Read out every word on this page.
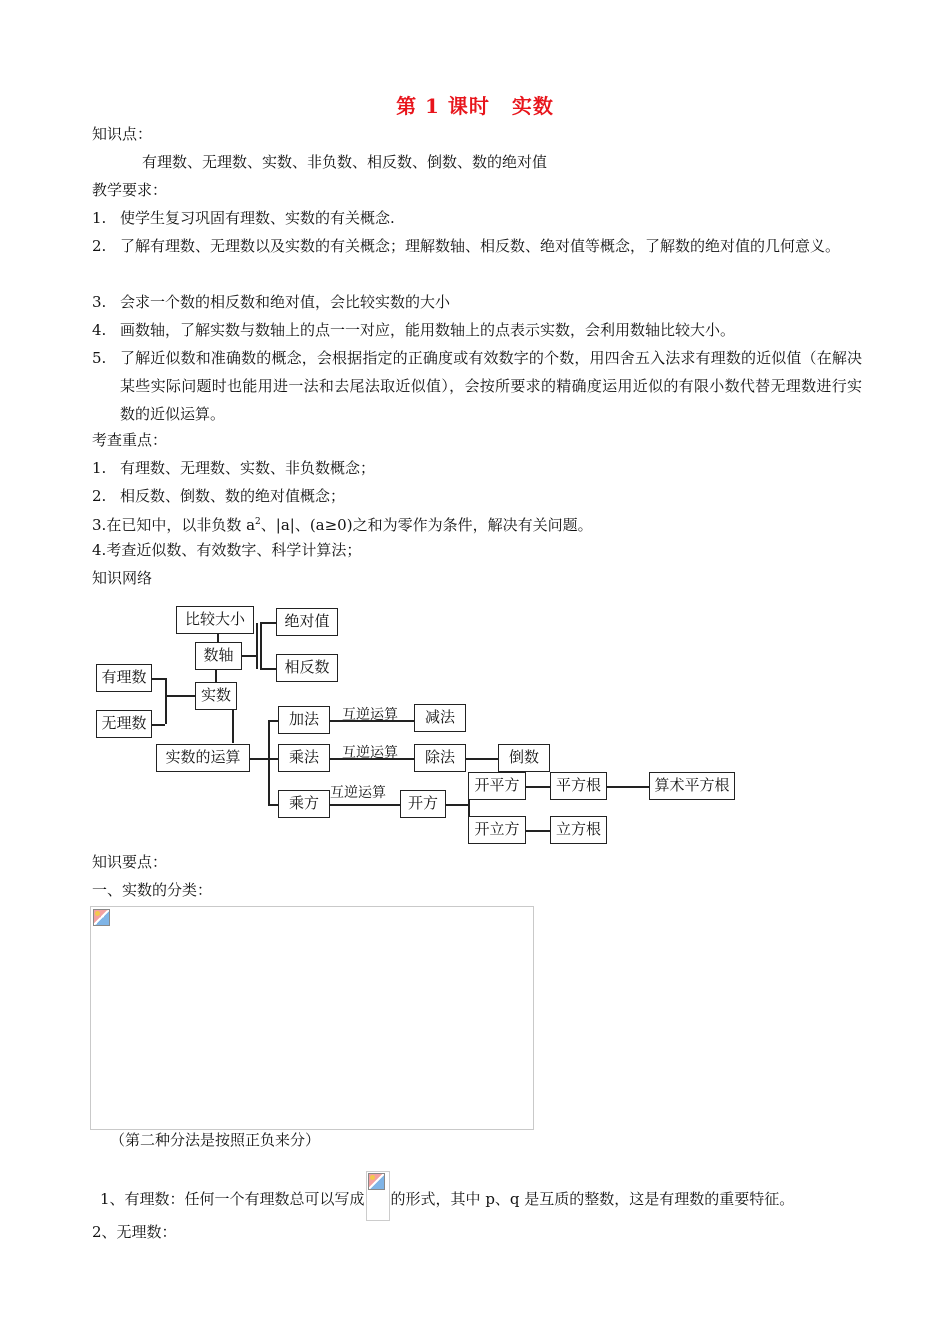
第 1 课时 实数
知识点：
有理数、无理数、实数、非负数、相反数、倒数、数的绝对值
教学要求：
1. 使学生复习巩固有理数、实数的有关概念.
2. 了解有理数、无理数以及实数的有关概念；理解数轴、相反数、绝对值等概念，了解数的绝对值的几何意义。
3. 会求一个数的相反数和绝对值，会比较实数的大小
4. 画数轴，了解实数与数轴上的点一一对应，能用数轴上的点表示实数，会利用数轴比较大小。
5. 了解近似数和准确数的概念，会根据指定的正确度或有效数字的个数，用四舍五入法求有理数的近似值（在解决某些实际问题时也能用进一法和去尾法取近似值），会按所要求的精确度运用近似的有限小数代替无理数进行实数的近似运算。
考查重点：
1. 有理数、无理数、实数、非负数概念；
2. 相反数、倒数、数的绝对值概念；
3.在已知中，以非负数 $a^2$、|a|、(a≥0)之和为零作为条件，解决有关问题。
4.考查近似数、有效数字、科学计算法；
知识网络
互逆运算
互逆运算
互逆运算
比较大小	绝对值
数轴
相反数
有理数
实数
无理数
实数的运算
加法	减法
乘法	除法	倒数
乘方	开方
开平方	平方根	算术平方根
开立方	立方根
知识要点：
一、实数的分类：
（第二种分法是按照正负来分）
1、有理数：任何一个有理数总可以写成 的形式，其中 p、q 是互质的整数，这是有理数的重要特征。
2、无理数：
